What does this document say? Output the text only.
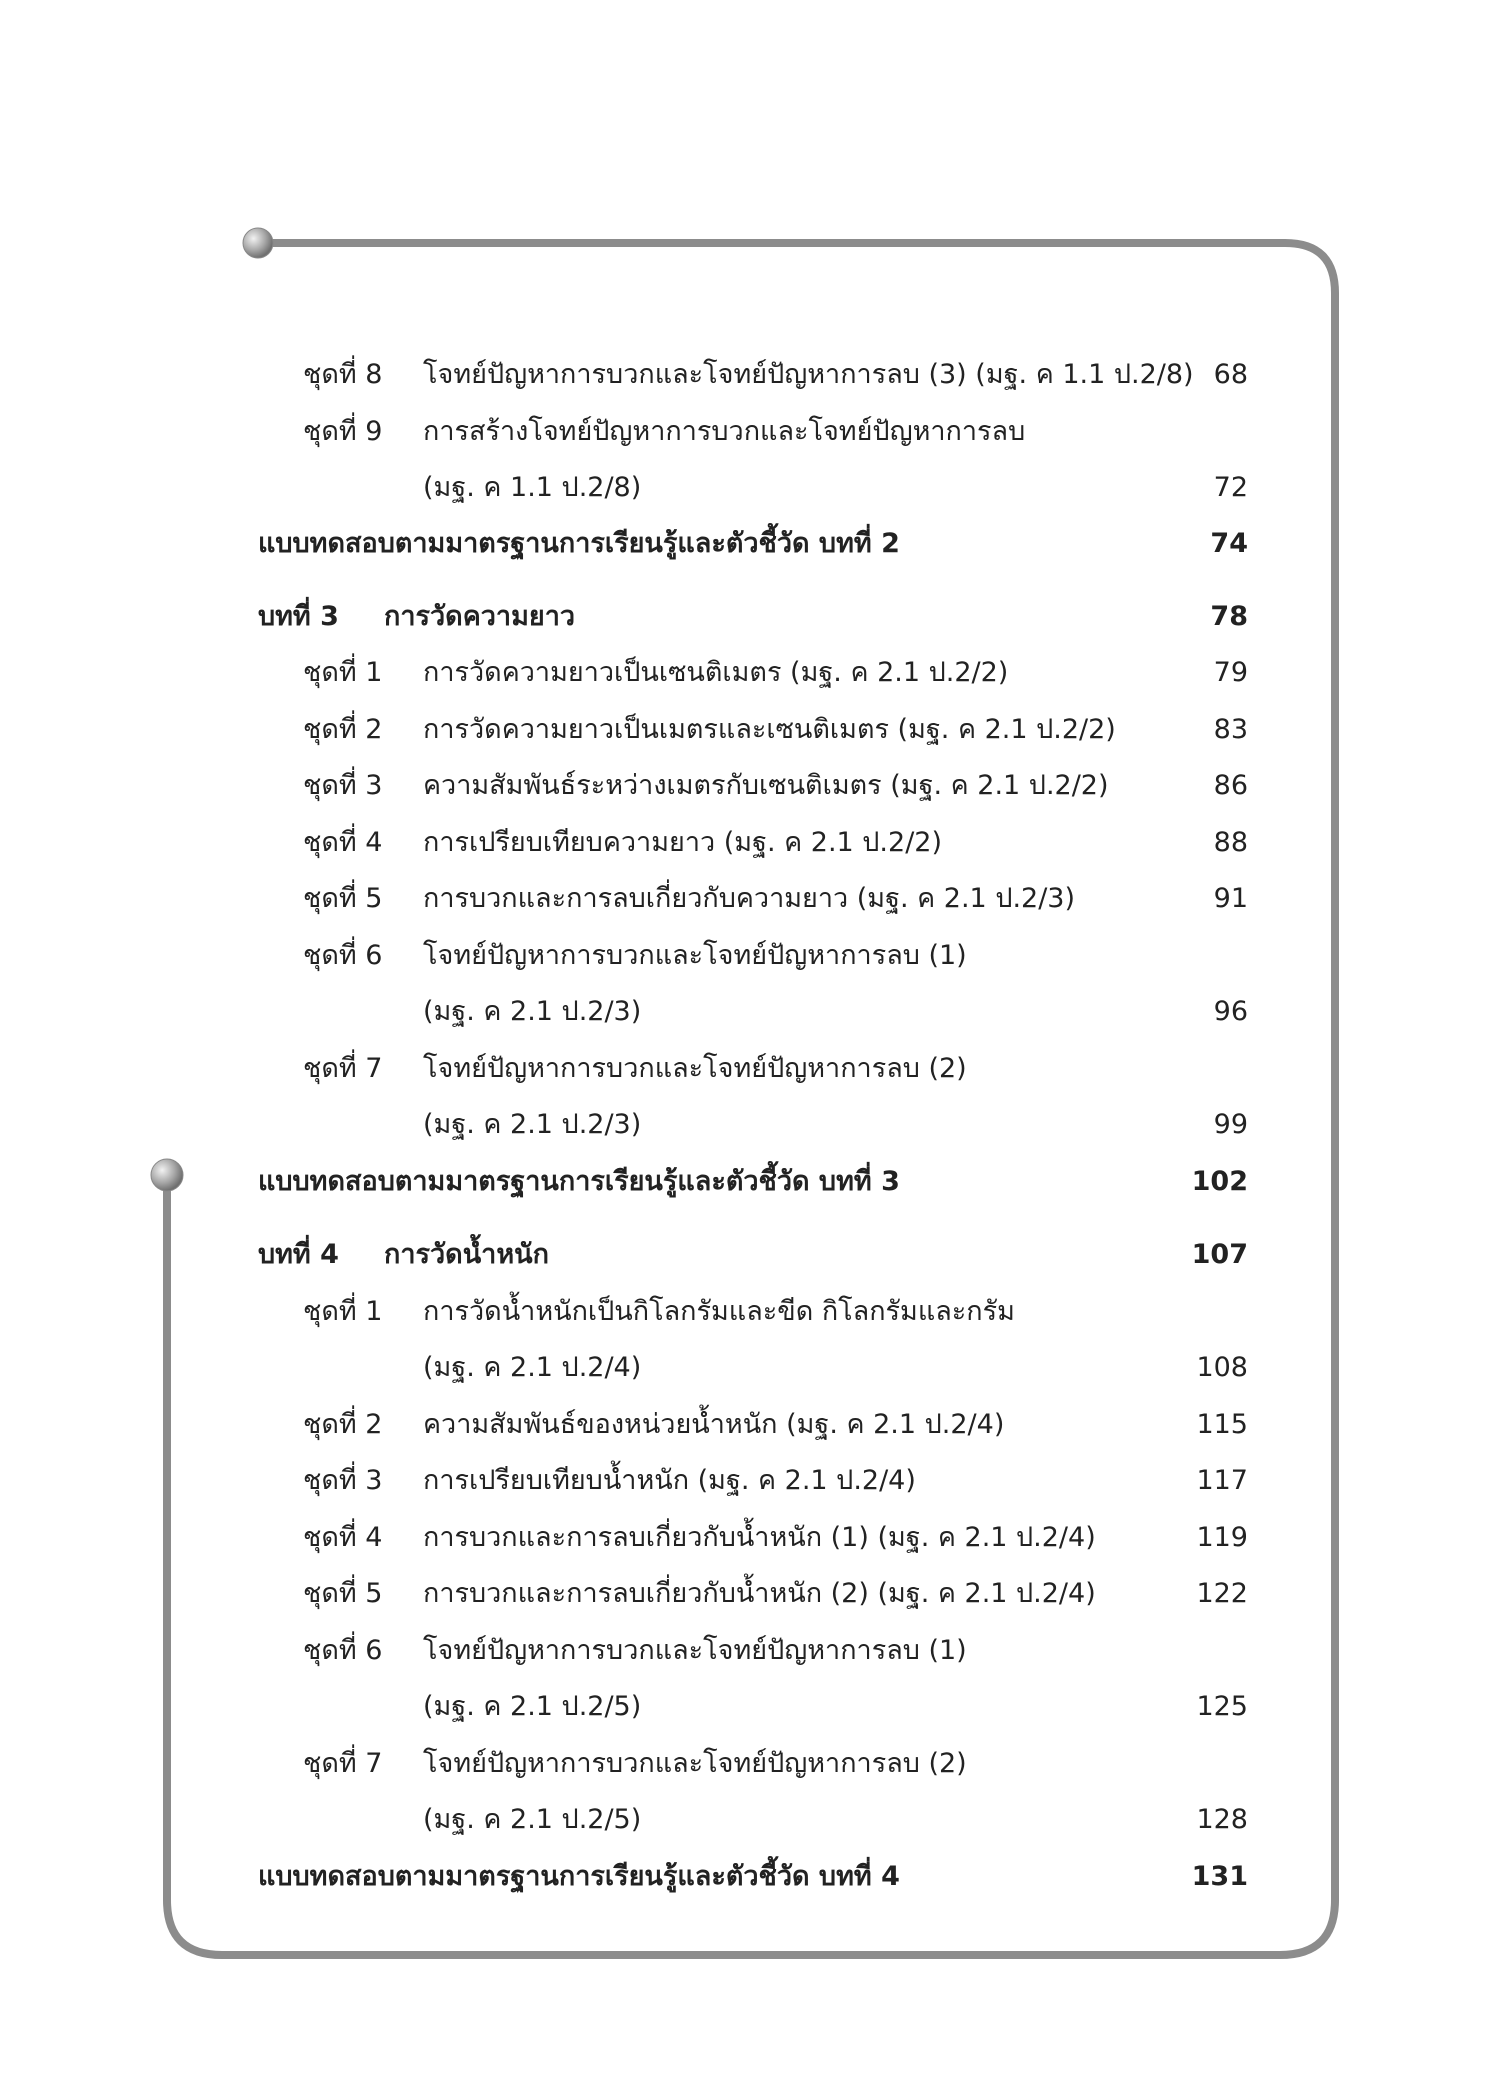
ชุดที่ 8 โจทย์ปัญหาการบวกและโจทย์ปัญหาการลบ (3) (มฐ. ค 1.1 ป.2/8) 68
ชุดที่ 9 การสร้างโจทย์ปัญหาการบวกและโจทย์ปัญหาการลบ
(มฐ. ค 1.1 ป.2/8)	72
แบบทดสอบตามมาตรฐานการเรียนรู้และตัวชี้วัด บทที่ 2	74
บทที่ 3 การวัดความยาว	78
ชุดที่ 1 การวัดความยาวเป็นเซนติเมตร (มฐ. ค 2.1 ป.2/2)	79
ชุดที่ 2 การวัดความยาวเป็นเมตรและเซนติเมตร (มฐ. ค 2.1 ป.2/2)	83
ชุดที่ 3 ความสัมพันธ์ระหว่างเมตรกับเซนติเมตร (มฐ. ค 2.1 ป.2/2)	86
ชุดที่ 4 การเปรียบเทียบความยาว (มฐ. ค 2.1 ป.2/2)	88
ชุดที่ 5 การบวกและการลบเกี่ยวกับความยาว (มฐ. ค 2.1 ป.2/3)	91
ชุดที่ 6 โจทย์ปัญหาการบวกและโจทย์ปัญหาการลบ (1)
(มฐ. ค 2.1 ป.2/3)	96
ชุดที่ 7 โจทย์ปัญหาการบวกและโจทย์ปัญหาการลบ (2)
(มฐ. ค 2.1 ป.2/3)	99
แบบทดสอบตามมาตรฐานการเรียนรู้และตัวชี้วัด บทที่ 3	102
บทที่ 4 การวัดน้ำหนัก	107
ชุดที่ 1 การวัดน้ำหนักเป็นกิโลกรัมและขีด กิโลกรัมและกรัม
(มฐ. ค 2.1 ป.2/4)	108
ชุดที่ 2 ความสัมพันธ์ของหน่วยน้ำหนัก (มฐ. ค 2.1 ป.2/4)	115
ชุดที่ 3 การเปรียบเทียบน้ำหนัก (มฐ. ค 2.1 ป.2/4)	117
ชุดที่ 4 การบวกและการลบเกี่ยวกับน้ำหนัก (1) (มฐ. ค 2.1 ป.2/4)	119
ชุดที่ 5 การบวกและการลบเกี่ยวกับน้ำหนัก (2) (มฐ. ค 2.1 ป.2/4)	122
ชุดที่ 6 โจทย์ปัญหาการบวกและโจทย์ปัญหาการลบ (1)
(มฐ. ค 2.1 ป.2/5)	125
ชุดที่ 7 โจทย์ปัญหาการบวกและโจทย์ปัญหาการลบ (2)
(มฐ. ค 2.1 ป.2/5)	128
แบบทดสอบตามมาตรฐานการเรียนรู้และตัวชี้วัด บทที่ 4	131
